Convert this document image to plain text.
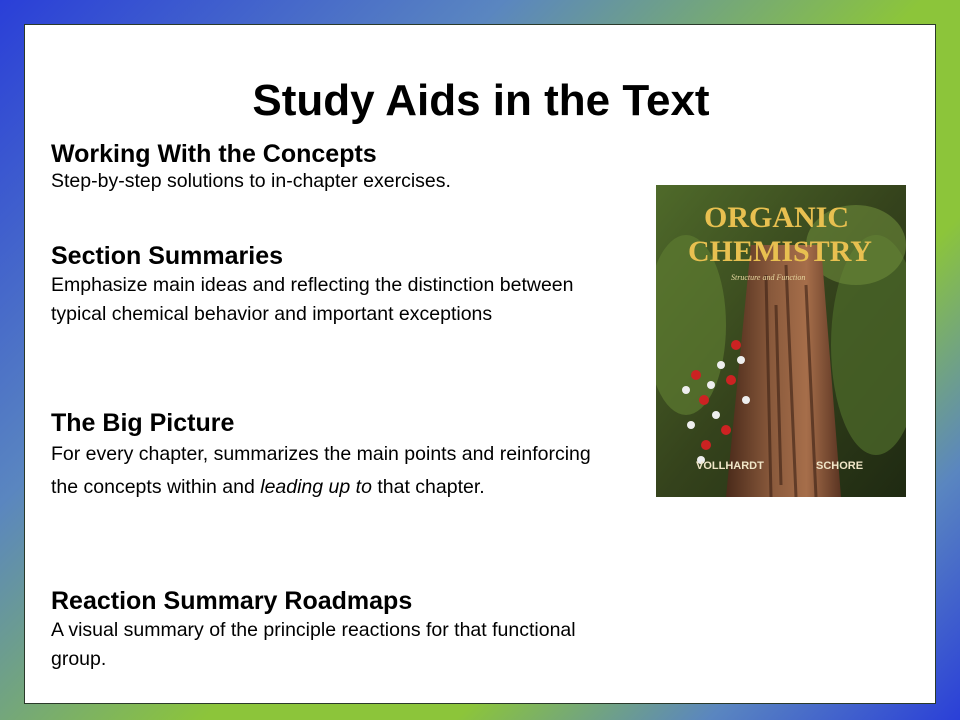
Study Aids in the Text

Working With the Concepts

Step-by-step solutions to in-chapter exercises.

Section Summaries

Emphasize main ideas and reflecting the distinction between typical chemical behavior and important exceptions

The Big Picture

For every chapter, summarizes the main points and reinforcing the concepts within and leading up to that chapter.

Reaction Summary Roadmaps

A visual summary of the principle reactions for that functional group.

ORGANIC
CHEMISTRY
Structure and Function
VOLLHARDT	SCHORE
